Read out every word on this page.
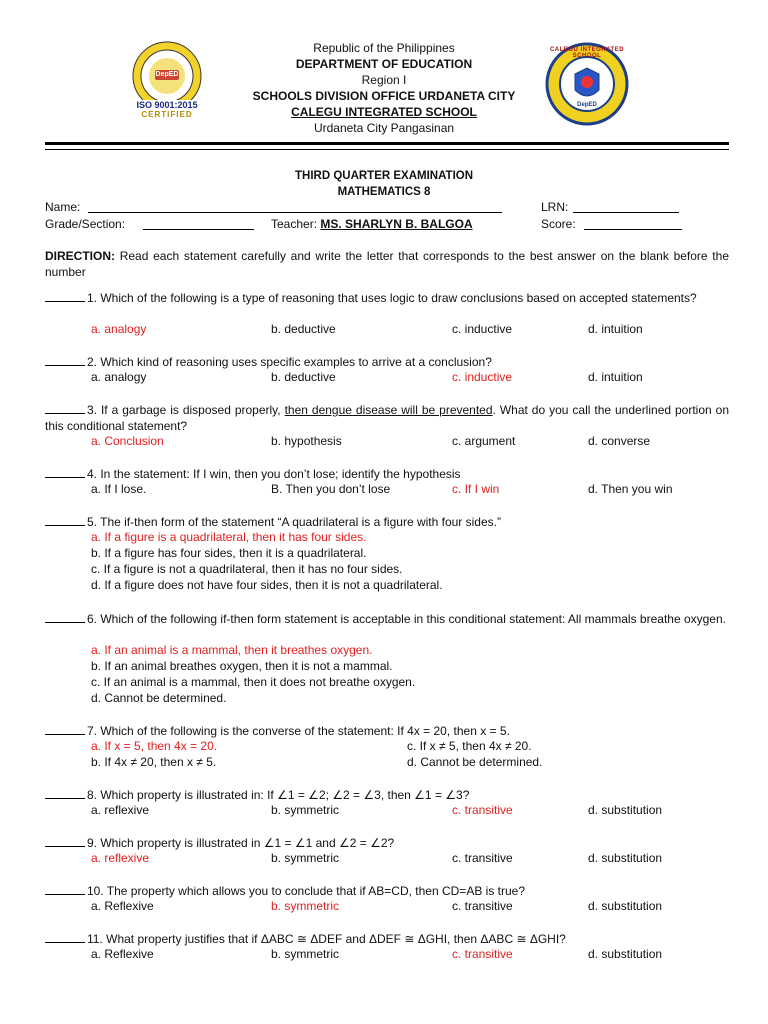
DepED
ISO 9001:2015
CERTIFIED
CALEGU INTEGRATED SCHOOL
DepED
Republic of the Philippines
DEPARTMENT OF EDUCATION
Region I
SCHOOLS DIVISION OFFICE URDANETA CITY
CALEGU INTEGRATED SCHOOL
Urdaneta City Pangasinan
THIRD QUARTER EXAMINATION
MATHEMATICS 8
Name:	LRN:
Grade/Section:	Teacher: MS. SHARLYN B. BALGOA	Score:
DIRECTION: Read each statement carefully and write the letter that corresponds to the best answer on the blank before the number
1. Which of the following is a type of reasoning that uses logic to draw conclusions based on accepted statements?
a. analogy	b. deductive	c. inductive	d. intuition
2. Which kind of reasoning uses specific examples to arrive at a conclusion?
a. analogy	b. deductive	c. inductive	d. intuition
3. If a garbage is disposed properly, then dengue disease will be prevented. What do you call the underlined portion on this conditional statement?
a. Conclusion	b. hypothesis	c. argument	d. converse
4. In the statement: If I win, then you don’t lose; identify the hypothesis
a. If I lose.	B. Then you don’t lose	c. If I win	d. Then you win
5. The if-then form of the statement “A quadrilateral is a figure with four sides.”
a. If a figure is a quadrilateral, then it has four sides.
b. If a figure has four sides, then it is a quadrilateral.
c. If a figure is not a quadrilateral, then it has no four sides.
d. If a figure does not have four sides, then it is not a quadrilateral.
6. Which of the following if-then form statement is acceptable in this conditional statement: All mammals breathe oxygen.
a. If an animal is a mammal, then it breathes oxygen.
b. If an animal breathes oxygen, then it is not a mammal.
c. If an animal is a mammal, then it does not breathe oxygen.
d. Cannot be determined.
7. Which of the following is the converse of the statement: If 4x = 20, then x = 5.
a. If x = 5, then 4x = 20.
b. If 4x ≠ 20, then x ≠ 5.
c. If x ≠ 5, then 4x ≠ 20.
d. Cannot be determined.
8. Which property is illustrated in: If ∠1 = ∠2; ∠2 = ∠3, then ∠1 = ∠3?
a. reflexive	b. symmetric	c. transitive	d. substitution
9. Which property is illustrated in ∠1 = ∠1 and ∠2 = ∠2?
a. reflexive	b. symmetric	c. transitive	d. substitution
10. The property which allows you to conclude that if AB=CD, then CD=AB is true?
a. Reflexive	b. symmetric	c. transitive	d. substitution
11. What property justifies that if ΔABC ≅ ΔDEF and ΔDEF ≅ ΔGHI, then ΔABC ≅ ΔGHI?
a. Reflexive	b. symmetric	c. transitive	d. substitution
